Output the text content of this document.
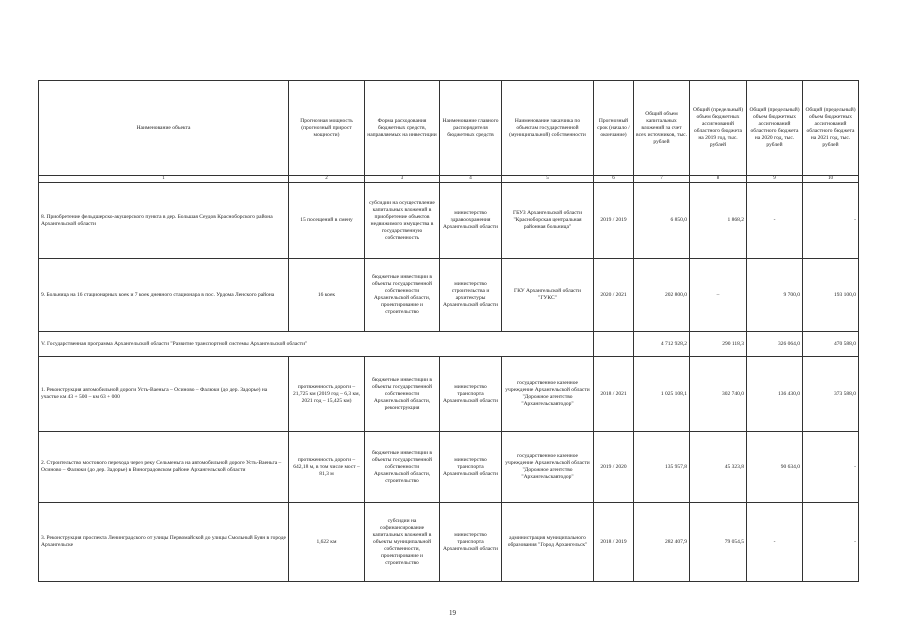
Наименование объекта	Прогнозная мощность (прогнозный прирост мощности)	Форма расходования бюджетных средств, направляемых на инвестиции	Наименование главного распорядителя бюджетных средств	Наименование заказчика по объектам государственной (муниципальной) собственности	Прогнозный срок (начало / окончание)	Общий объем капитальных вложений за счет всех источников, тыс. рублей	Общий (предельный) объем бюджетных ассигнований областного бюджета на 2019 год, тыс. рублей	Общий (предельный) объем бюджетных ассигнований областного бюджета на 2020 год, тыс. рублей	Общий (предельный) объем бюджетных ассигнований областного бюджета на 2021 год, тыс. рублей
1	2	3	4	5	6	7	8	9	10
8. Приобретение фельдшерско-акушерского пункта в дер. Большая Сеудов Красноборского района Архангельской области	15 посещений в смену	субсидии на осуществление капитальных вложений в приобретение объектов недвижимого имущества в государственную собственность	министерство здравоохранения Архангельской области	ГБУЗ Архангельской области "Красноборская центральная районная больница"	2019 / 2019	6 850,0	1 868,2	-	-
9. Больница на 16 стационарных коек и 7 коек дневного стационара в пос. Урдома Ленского района	16 коек	бюджетные инвестиции в объекты государственной собственности Архангельской области, проектирование и строительство	министерство строительства и архитектуры Архангельской области	ГКУ Архангельской области "ГУКС"	2020 / 2021	202 800,0	–	9 700,0	193 100,0
V. Государственная программа Архангельской области "Развитие транспортной системы Архангельской области"						4 712 928,2	290 118,3	326 064,0	470 588,0
1. Реконструкция автомобильной дороги Усть-Ваеньга – Осиново – Фалюки (до дер. Задорье) на участке км 43 + 500 – км 63 + 000	протяженность дороги – 21,725 км (2019 год – 6,3 км, 2021 год – 15,425 км)	бюджетные инвестиции в объекты государственной собственности Архангельской области, реконструкция	министерство транспорта Архангельской области	государственное казенное учреждение Архангельской области "Дорожное агентство "Архангельскавтодор"	2018 / 2021	1 025 108,1	302 740,0	136 430,0	373 588,0
2. Строительство мостового перехода через реку Сельменьга на автомобильной дороге Усть-Ваеньга – Осиново – Фалюки (до дер. Задорье) в Виноградовском районе Архангельской области	протяженность дороги – 642,18 м, в том числе мост – 81,3 м	бюджетные инвестиции в объекты государственной собственности Архангельской области, строительство	министерство транспорта Архангельской области	государственное казенное учреждение Архангельской области "Дорожное агентство "Архангельскавтодор"	2019 / 2020	135 957,8	45 323,8	90 634,0	-
3. Реконструкция проспекта Ленинградского от улицы Первомайской до улицы Смольный Буян в городе Архангельске	1,622 км	субсидии на софинансирование капитальных вложений в объекты муниципальной собственности, проектирование и строительство	министерство транспорта Архангельской области	администрация муниципального образования "Город Архангельск"	2018 / 2019	282 407,9	79 054,5	-	-
19
